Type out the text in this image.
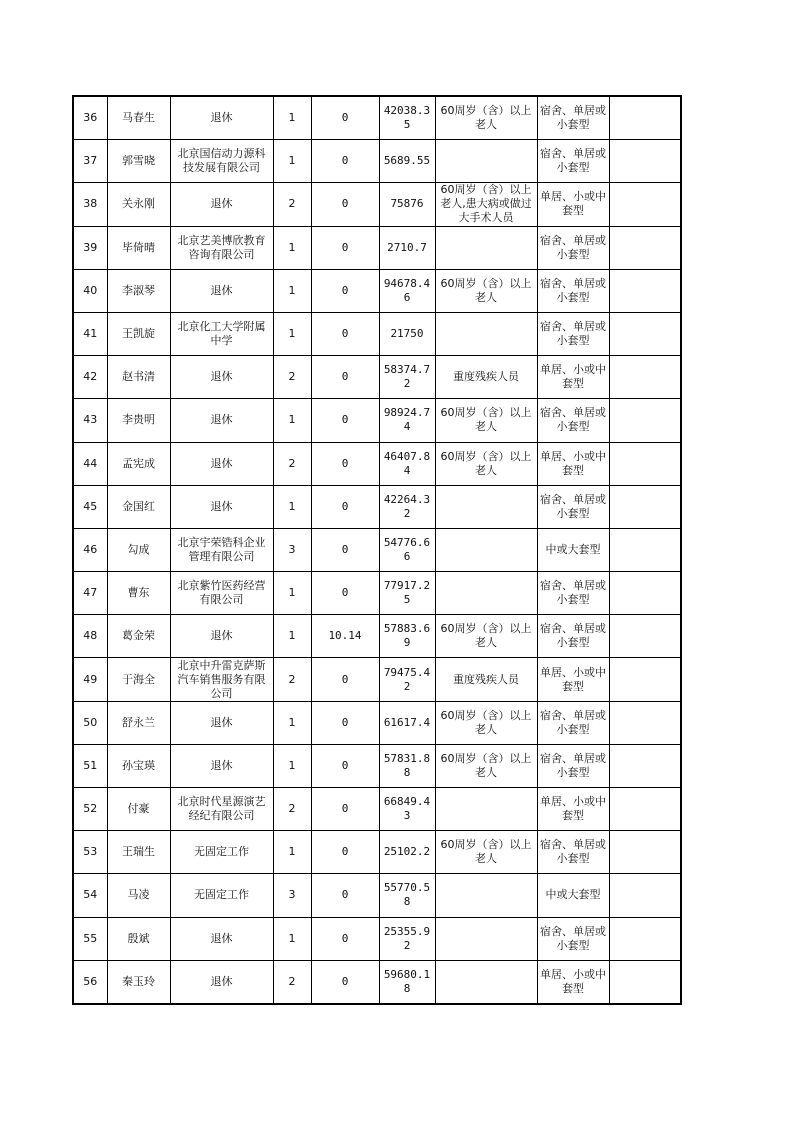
36	马春生	退休	1	0	42038.35	60周岁（含）以上老人	宿舍、单居或小套型	
37	郭雪晓	北京国信动力源科技发展有限公司	1	0	5689.55		宿舍、单居或小套型	
38	关永刚	退休	2	0	75876	60周岁（含）以上老人,患大病或做过大手术人员	单居、小或中套型	
39	毕倚晴	北京艺美博欣教育咨询有限公司	1	0	2710.7		宿舍、单居或小套型	
40	李淑琴	退休	1	0	94678.46	60周岁（含）以上老人	宿舍、单居或小套型	
41	王凯旋	北京化工大学附属中学	1	0	21750		宿舍、单居或小套型	
42	赵书清	退休	2	0	58374.72	重度残疾人员	单居、小或中套型	
43	李贵明	退休	1	0	98924.74	60周岁（含）以上老人	宿舍、单居或小套型	
44	孟宪成	退休	2	0	46407.84	60周岁（含）以上老人	单居、小或中套型	
45	金国红	退休	1	0	42264.32		宿舍、单居或小套型	
46	勾成	北京宇荣锆科企业管理有限公司	3	0	54776.66		中或大套型	
47	曹东	北京紫竹医药经营有限公司	1	0	77917.25		宿舍、单居或小套型	
48	葛金荣	退休	1	10.14	57883.69	60周岁（含）以上老人	宿舍、单居或小套型	
49	于海全	北京中升雷克萨斯汽车销售服务有限公司	2	0	79475.42	重度残疾人员	单居、小或中套型	
50	舒永兰	退休	1	0	61617.4	60周岁（含）以上老人	宿舍、单居或小套型	
51	孙宝瑛	退休	1	0	57831.88	60周岁（含）以上老人	宿舍、单居或小套型	
52	付豪	北京时代星源演艺经纪有限公司	2	0	66849.43		单居、小或中套型	
53	王瑞生	无固定工作	1	0	25102.2	60周岁（含）以上老人	宿舍、单居或小套型	
54	马凌	无固定工作	3	0	55770.58		中或大套型	
55	殷斌	退休	1	0	25355.92		宿舍、单居或小套型	
56	秦玉玲	退休	2	0	59680.18		单居、小或中套型	
